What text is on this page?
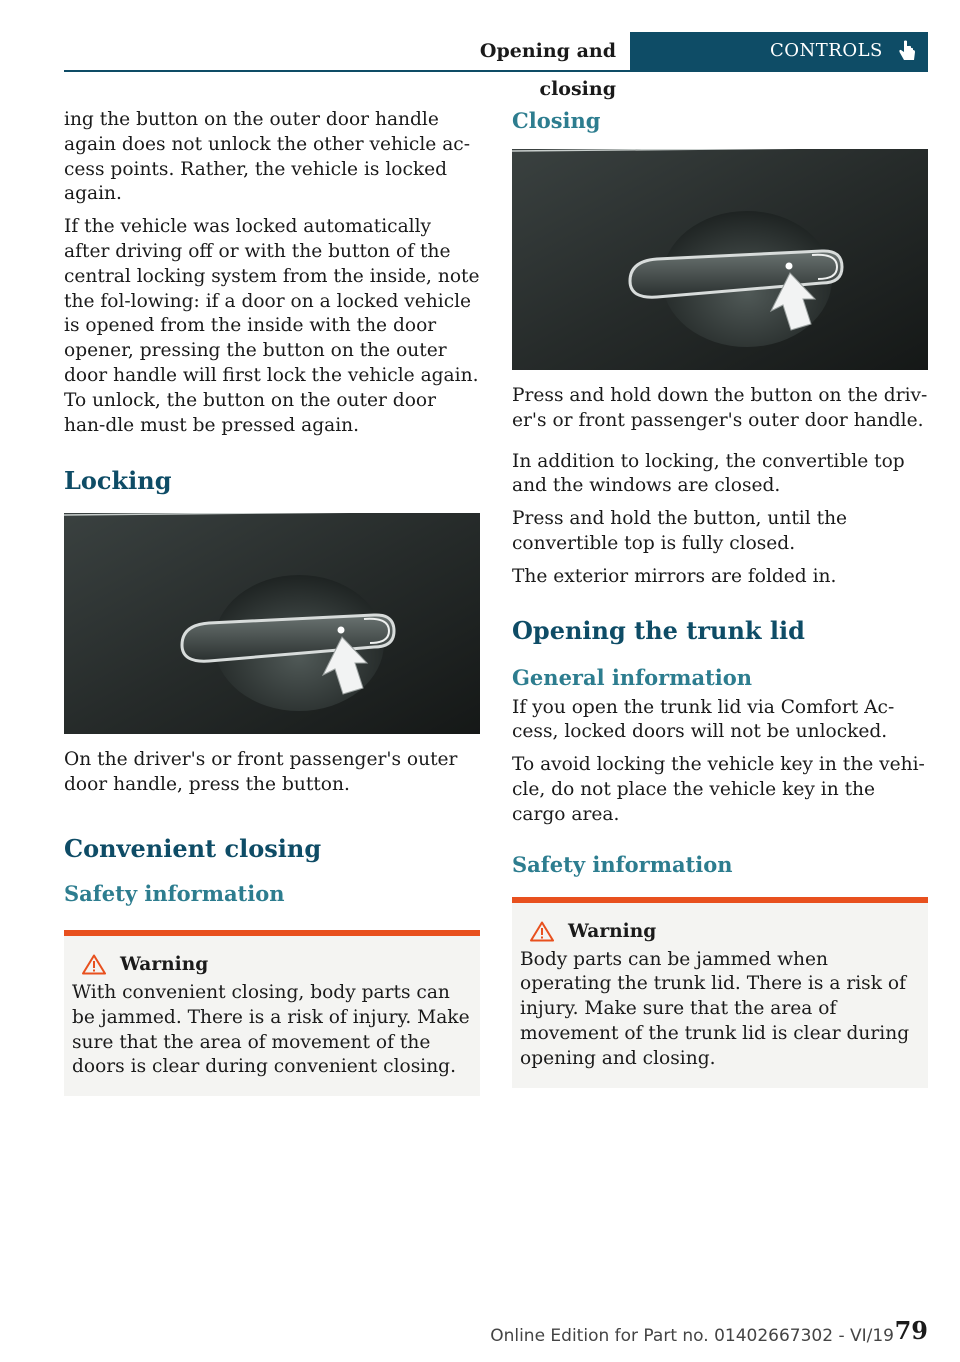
Opening and closing
CONTROLS

ing the button on the outer door handle again does not unlock the other vehicle ac-cess points. Rather, the vehicle is locked again.

If the vehicle was locked automatically after driving off or with the button of the central locking system from the inside, note the fol-lowing: if a door on a locked vehicle is opened from the inside with the door opener, pressing the button on the outer door handle will first lock the vehicle again. To unlock, the button on the outer door han-dle must be pressed again.

Locking

On the driver's or front passenger's outer door handle, press the button.

Convenient closing
Safety information
Warning

With convenient closing, body parts can be jammed. There is a risk of injury. Make sure that the area of movement of the doors is clear during convenient closing.

Closing

Press and hold down the button on the driv-er's or front passenger's outer door handle.

In addition to locking, the convertible top and the windows are closed.

Press and hold the button, until the convertible top is fully closed.

The exterior mirrors are folded in.

Opening the trunk lid
General information

If you open the trunk lid via Comfort Ac-cess, locked doors will not be unlocked.

To avoid locking the vehicle key in the vehi-cle, do not place the vehicle key in the cargo area.

Safety information
Warning

Body parts can be jammed when operating the trunk lid. There is a risk of injury. Make sure that the area of movement of the trunk lid is clear during opening and closing.

Online Edition for Part no. 01402667302 - VI/19 79
